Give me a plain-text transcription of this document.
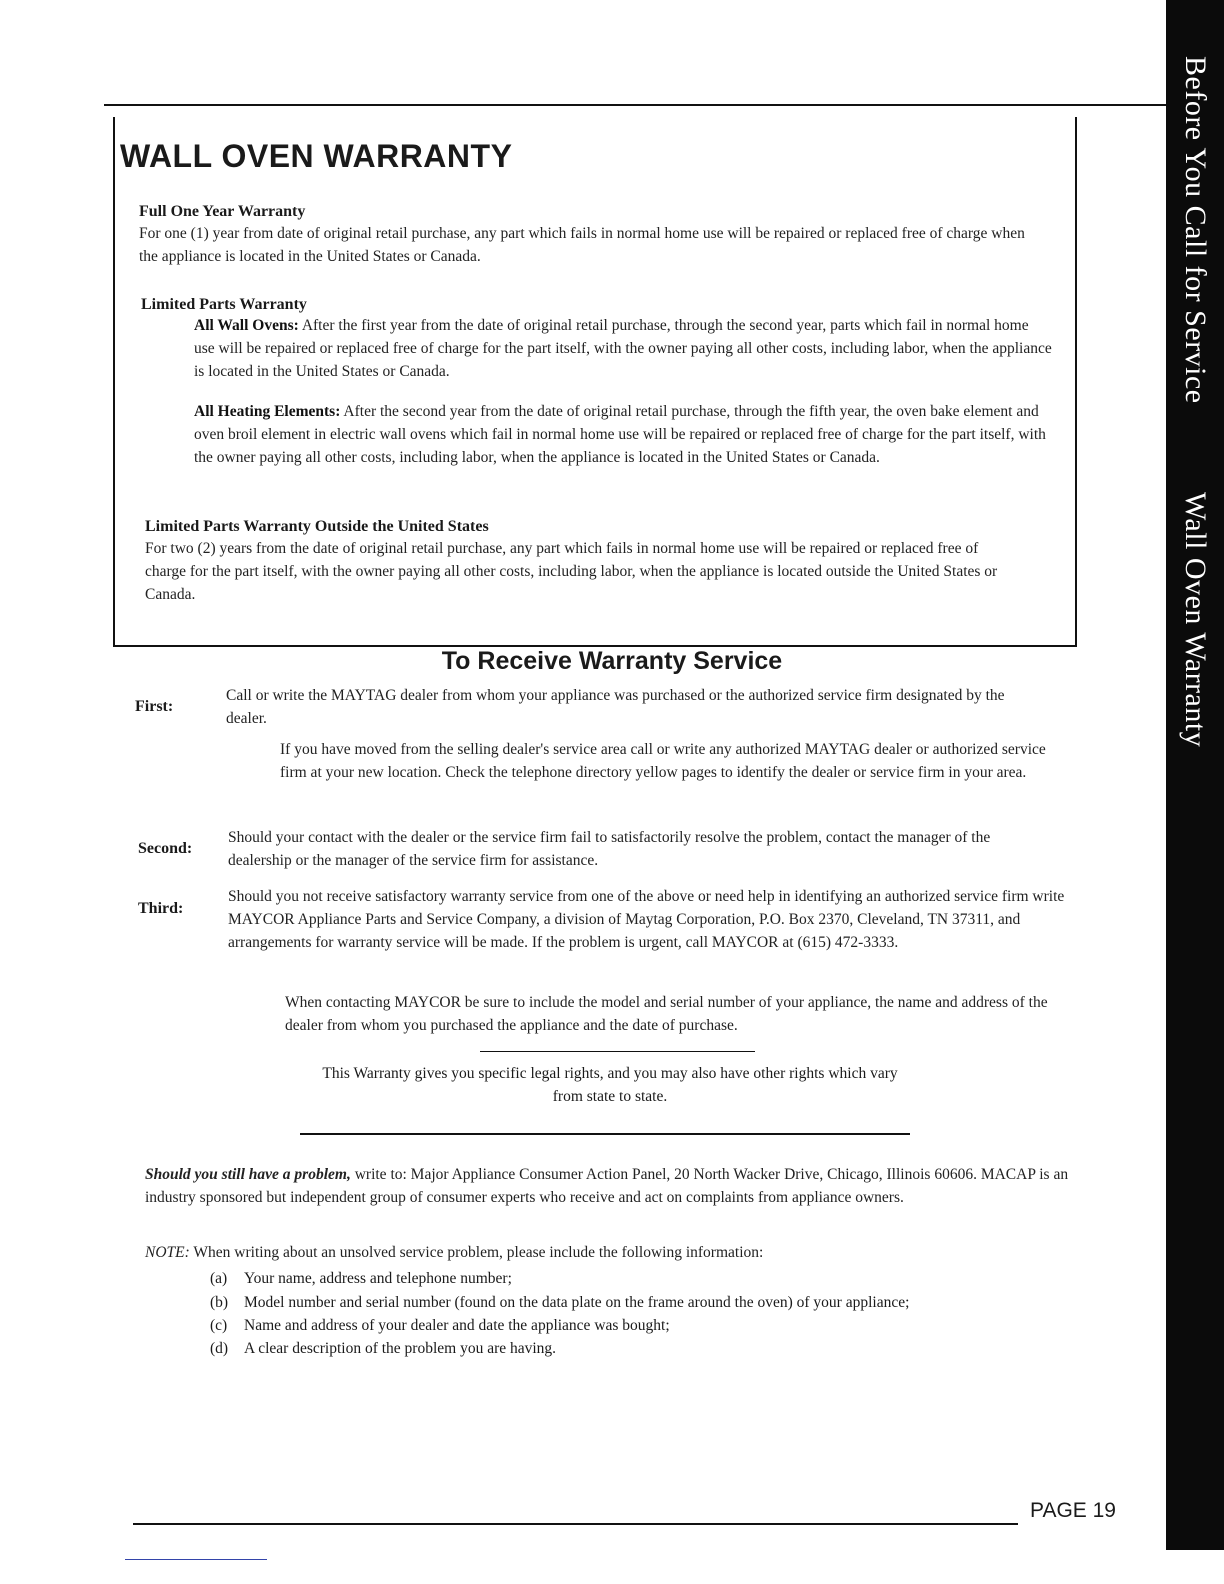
Before You Call for Service
Wall Oven Warranty
WALL OVEN WARRANTY

Full One Year Warranty

For one (1) year from date of original retail purchase, any part which fails in normal home use will be repaired or replaced free of charge when the appliance is located in the United States or Canada.

Limited Parts Warranty

All Wall Ovens: After the first year from the date of original retail purchase, through the second year, parts which fail in normal home use will be repaired or replaced free of charge for the part itself, with the owner paying all other costs, including labor, when the appliance is located in the United States or Canada.

All Heating Elements: After the second year from the date of original retail purchase, through the fifth year, the oven bake element and oven broil element in electric wall ovens which fail in normal home use will be repaired or replaced free of charge for the part itself, with the owner paying all other costs, including labor, when the appliance is located in the United States or Canada.

Limited Parts Warranty Outside the United States

For two (2) years from the date of original retail purchase, any part which fails in normal home use will be repaired or replaced free of charge for the part itself, with the owner paying all other costs, including labor, when the appliance is located outside the United States or Canada.

To Receive Warranty Service
First:

Call or write the MAYTAG dealer from whom your appliance was purchased or the authorized service firm designated by the dealer.

If you have moved from the selling dealer's service area call or write any authorized MAYTAG dealer or authorized service firm at your new location. Check the telephone directory yellow pages to identify the dealer or service firm in your area.

Second:

Should your contact with the dealer or the service firm fail to satisfactorily resolve the problem, contact the manager of the dealership or the manager of the service firm for assistance.

Third:

Should you not receive satisfactory warranty service from one of the above or need help in identifying an authorized service firm write MAYCOR Appliance Parts and Service Company, a division of Maytag Corporation, P.O. Box 2370, Cleveland, TN 37311, and arrangements for warranty service will be made. If the problem is urgent, call MAYCOR at (615) 472-3333.

When contacting MAYCOR be sure to include the model and serial number of your appliance, the name and address of the dealer from whom you purchased the appliance and the date of purchase.

This Warranty gives you specific legal rights, and you may also have other rights which vary
from state to state.

Should you still have a problem, write to: Major Appliance Consumer Action Panel, 20 North Wacker Drive, Chicago, Illinois 60606. MACAP is an industry sponsored but independent group of consumer experts who receive and act on complaints from appliance owners.

NOTE: When writing about an unsolved service problem, please include the following information:

(a) Your name, address and telephone number;
(b) Model number and serial number (found on the data plate on the frame around the oven) of your appliance;
(c) Name and address of your dealer and date the appliance was bought;
(d) A clear description of the problem you are having.
PAGE 19
